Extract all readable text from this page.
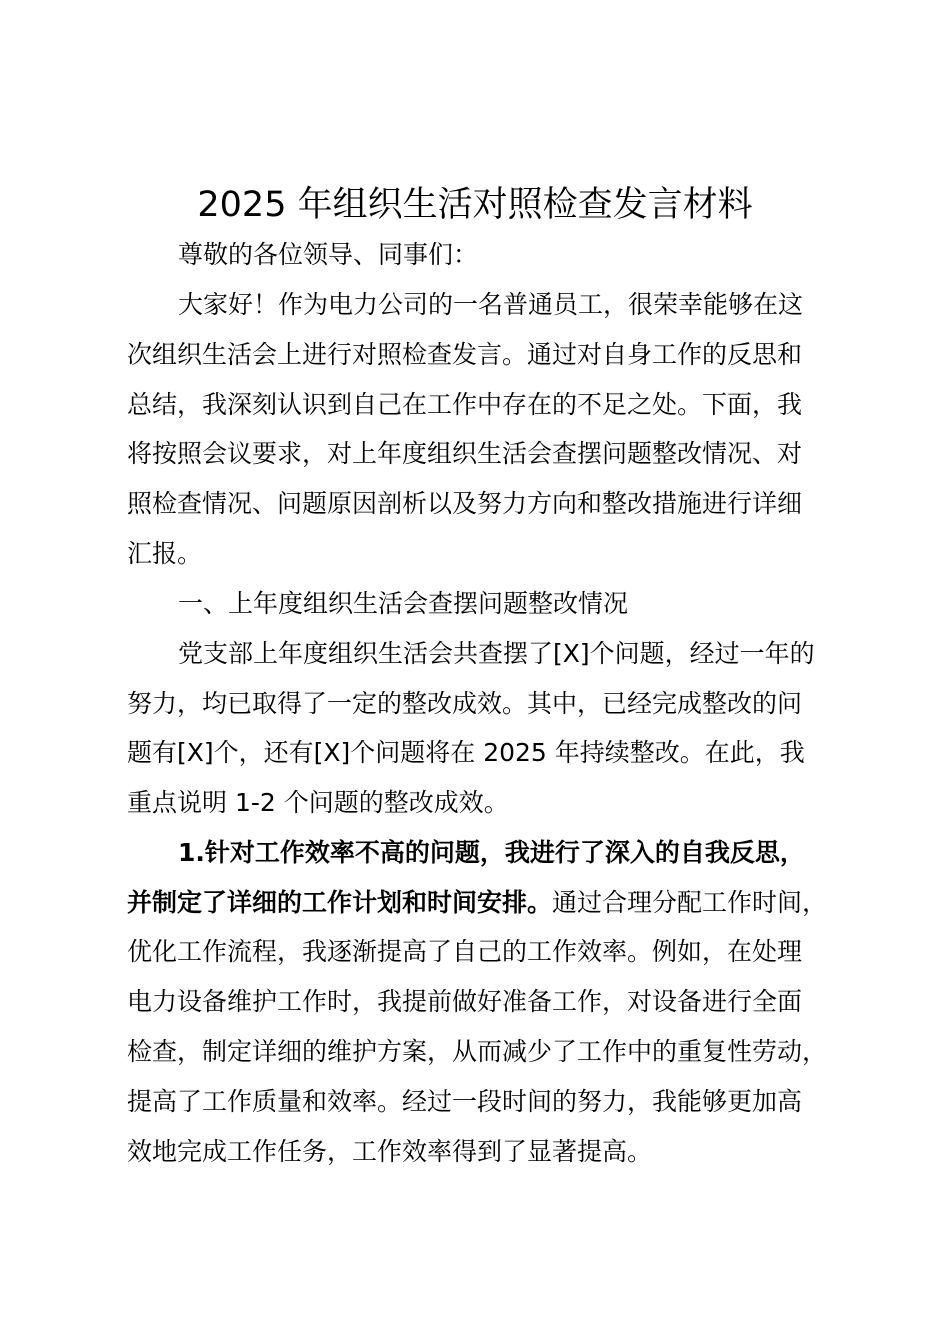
2025 年组织生活对照检查发言材料
尊敬的各位领导、同事们：
大家好！作为电力公司的一名普通员工，很荣幸能够在这
次组织生活会上进行对照检查发言。通过对自身工作的反思和
总结，我深刻认识到自己在工作中存在的不足之处。下面，我
将按照会议要求，对上年度组织生活会查摆问题整改情况、对
照检查情况、问题原因剖析以及努力方向和整改措施进行详细
汇报。
一、上年度组织生活会查摆问题整改情况
党支部上年度组织生活会共查摆了[X]个问题，经过一年的
努力，均已取得了一定的整改成效。其中，已经完成整改的问
题有[X]个，还有[X]个问题将在 2025 年持续整改。在此，我
重点说明 1-2 个问题的整改成效。
1.针对工作效率不高的问题，我进行了深入的自我反思，
并制定了详细的工作计划和时间安排。通过合理分配工作时间，
优化工作流程，我逐渐提高了自己的工作效率。例如，在处理
电力设备维护工作时，我提前做好准备工作，对设备进行全面
检查，制定详细的维护方案，从而减少了工作中的重复性劳动，
提高了工作质量和效率。经过一段时间的努力，我能够更加高
效地完成工作任务，工作效率得到了显著提高。
